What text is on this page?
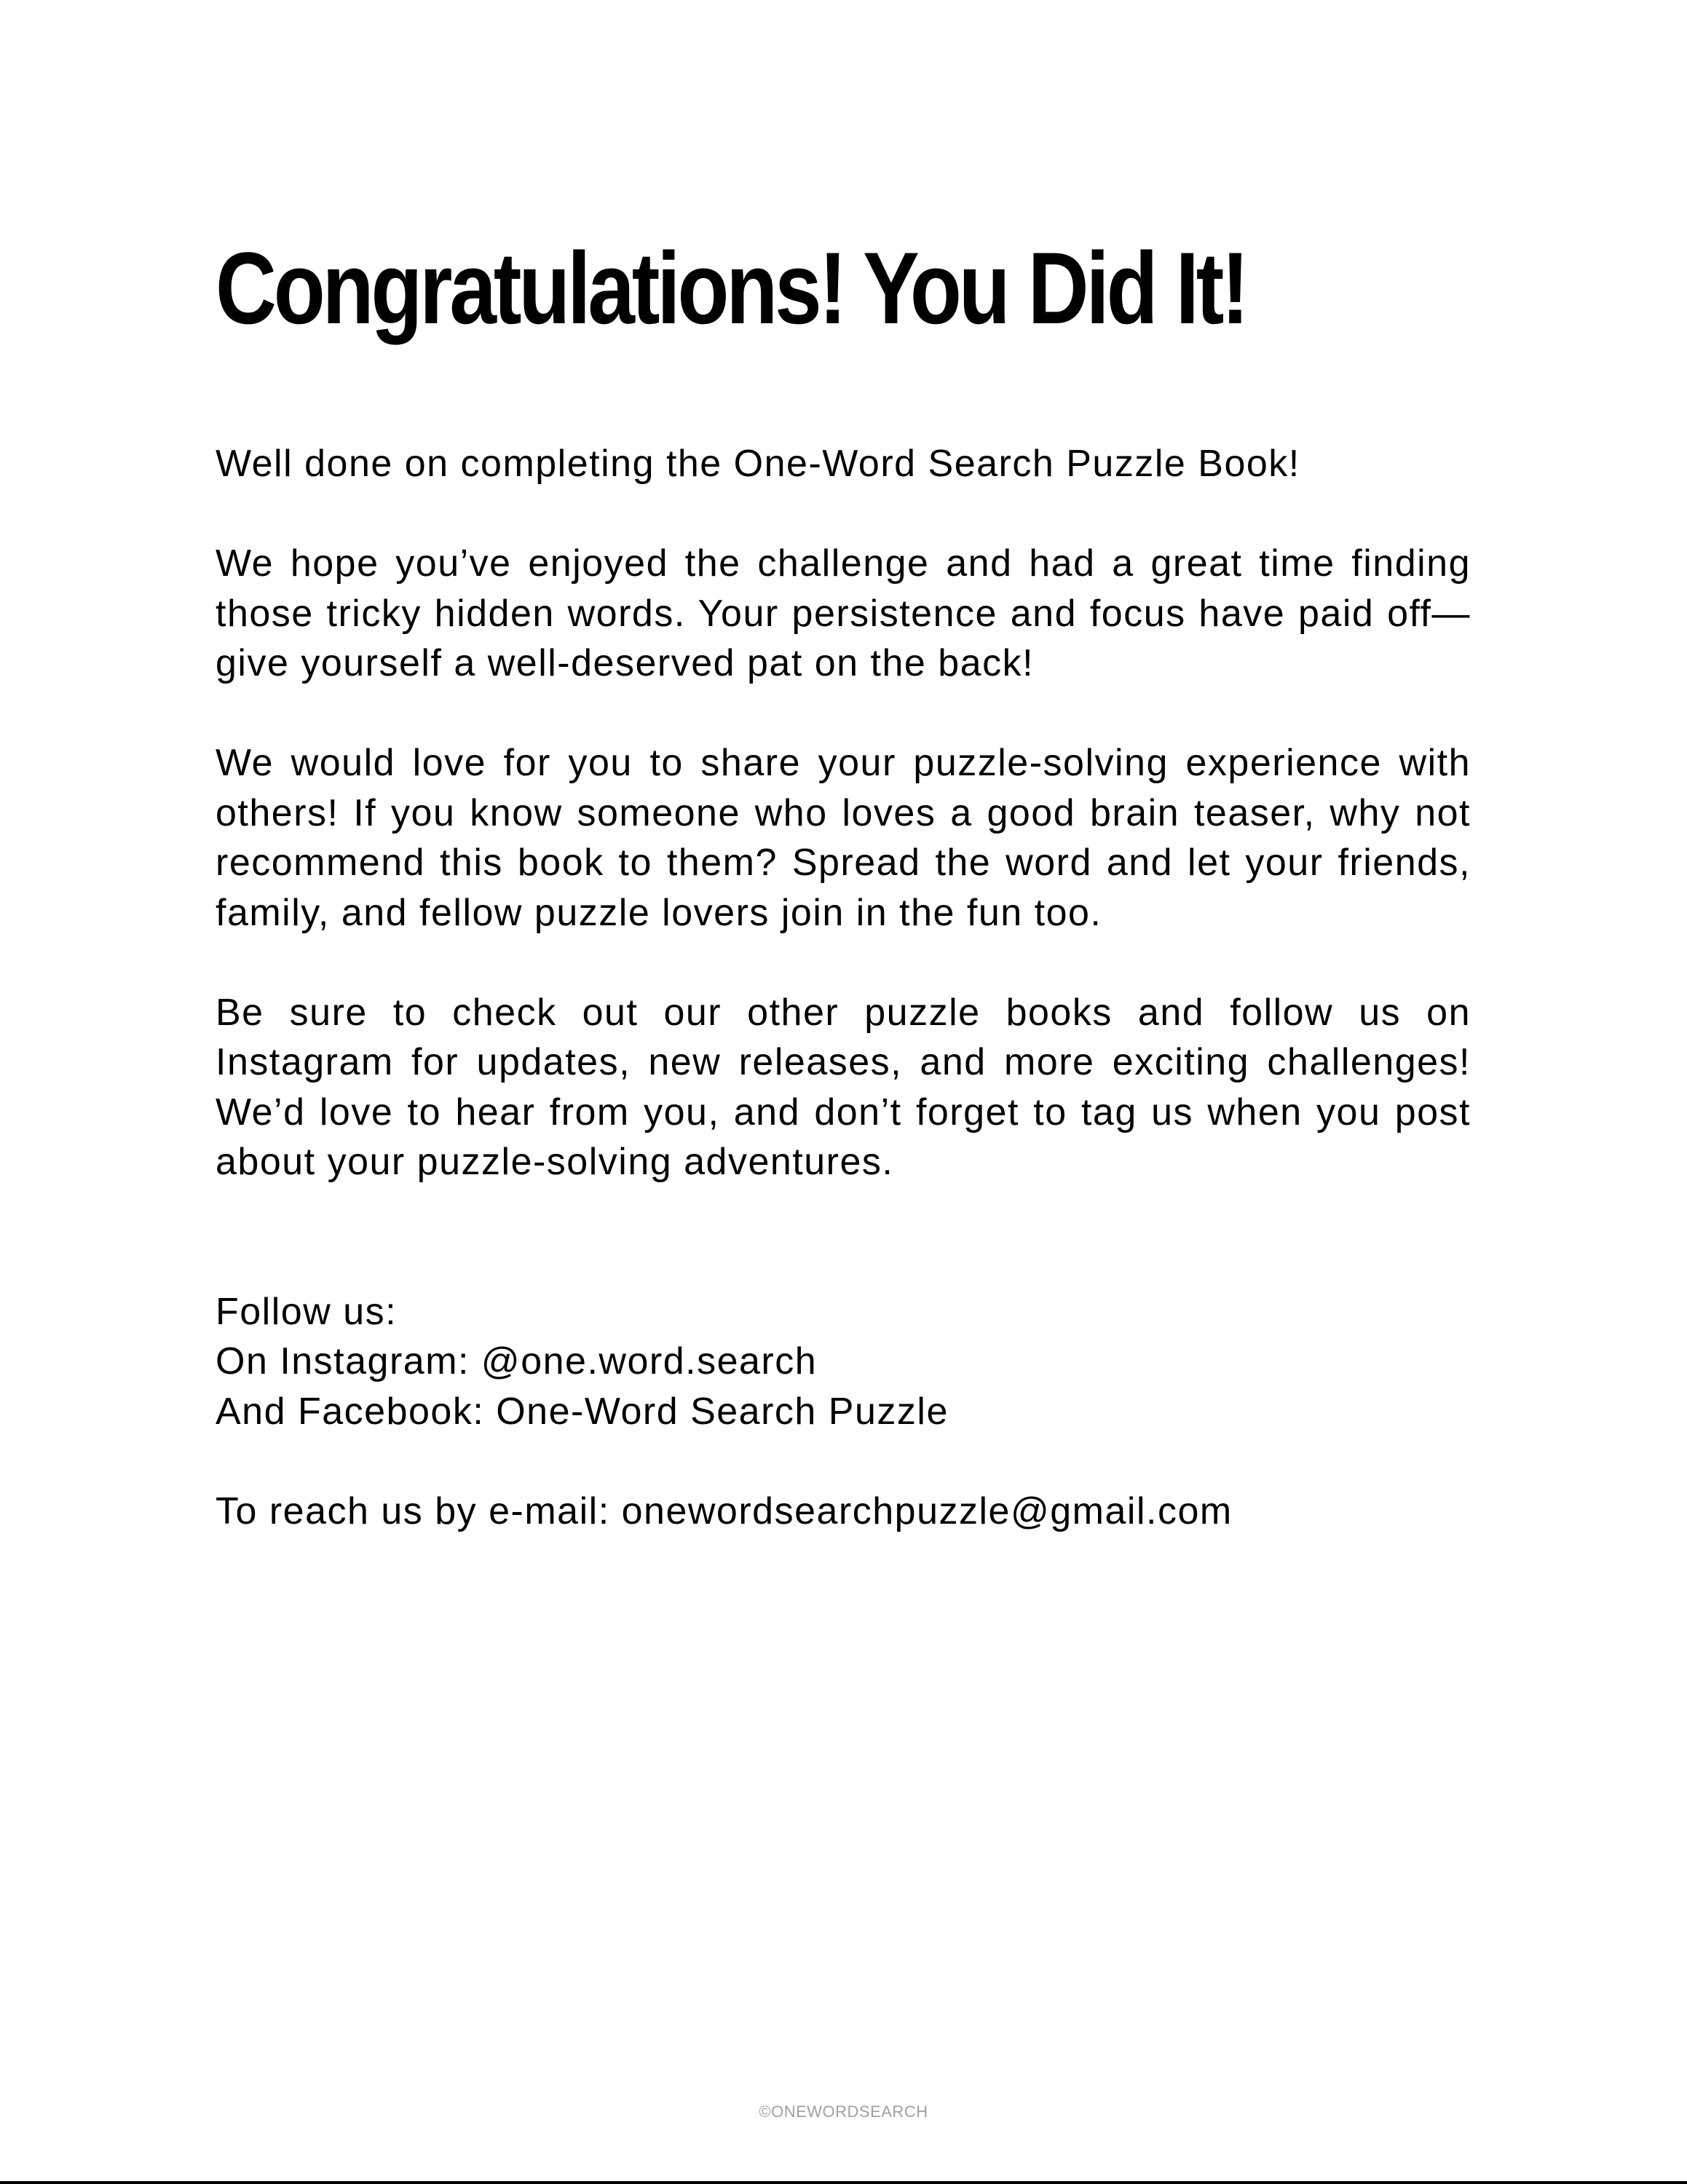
Congratulations! You Did It!

Well done on completing the One-Word Search Puzzle Book!

We hope you’ve enjoyed the challenge and had a great time finding those tricky hidden words. Your persistence and focus have paid off—give yourself a well-deserved pat on the back!

We would love for you to share your puzzle-solving experience with others! If you know someone who loves a good brain teaser, why not recommend this book to them? Spread the word and let your friends, family, and fellow puzzle lovers join in the fun too.

Be sure to check out our other puzzle books and follow us on Instagram for updates, new releases, and more exciting challenges! We’d love to hear from you, and don’t forget to tag us when you post about your puzzle-solving adventures.

Follow us:
On Instagram: @one.word.search
And Facebook: One-Word Search Puzzle
To reach us by e-mail: onewordsearchpuzzle@gmail.com
©ONEWORDSEARCH
